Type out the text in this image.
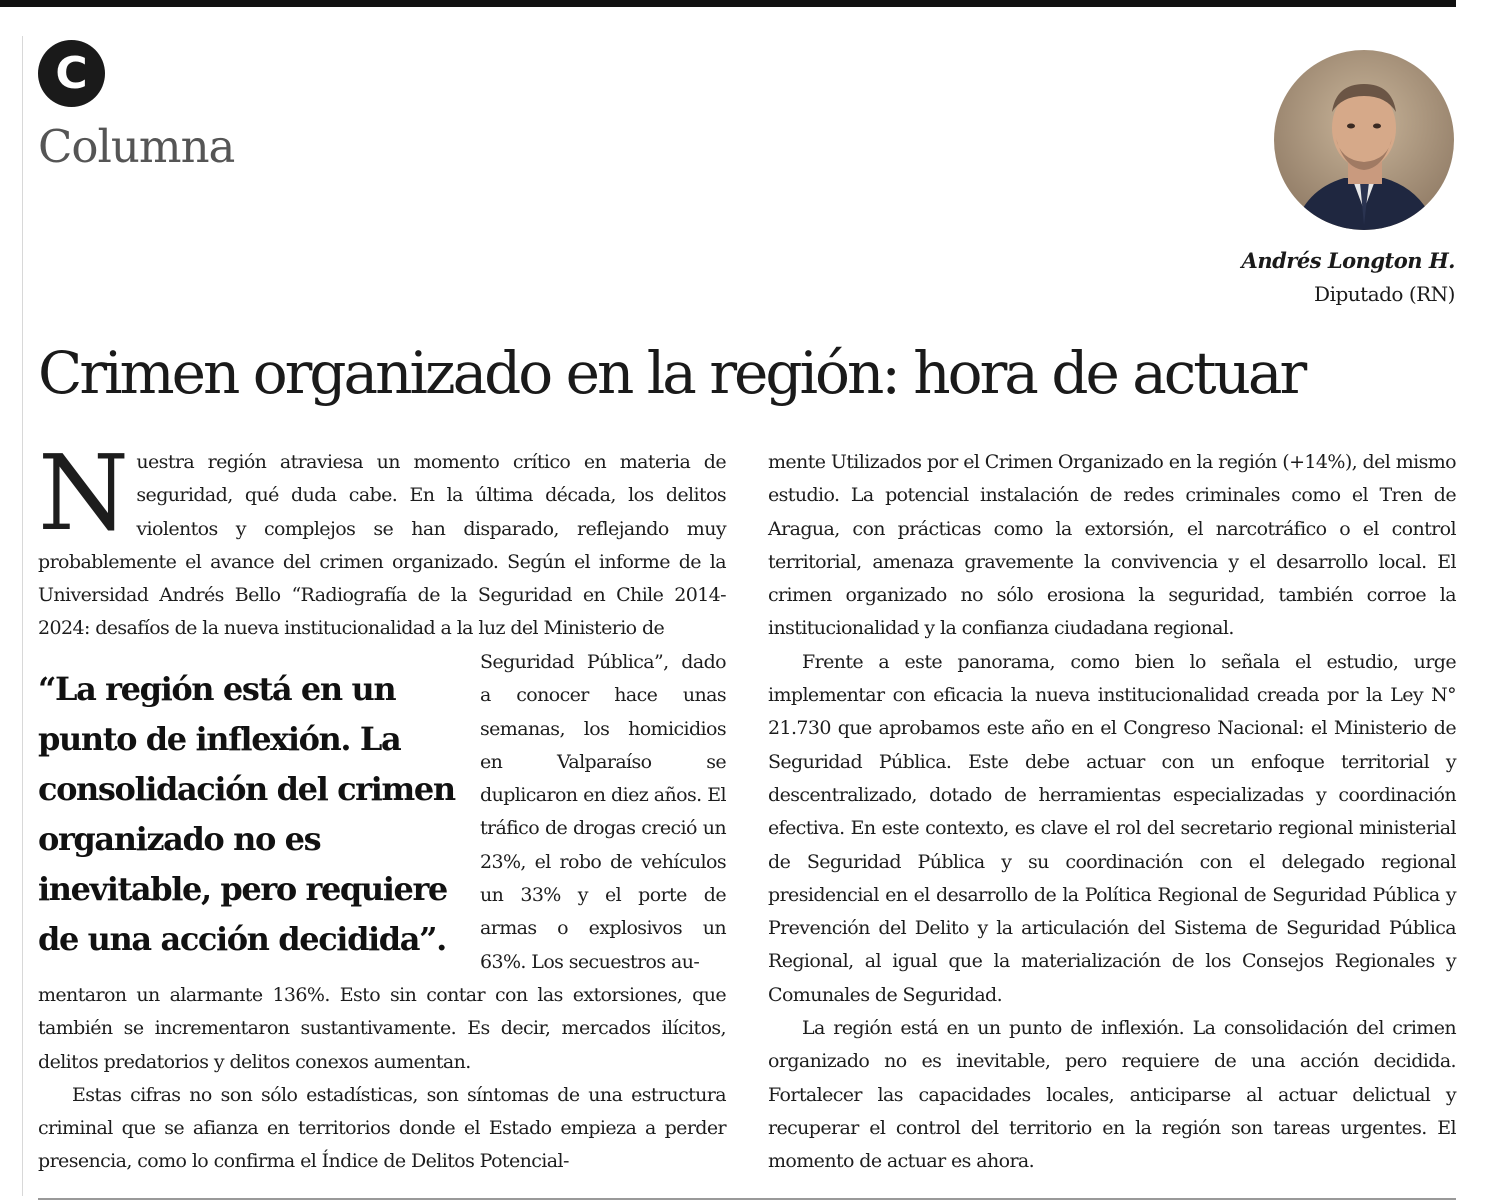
C
Columna
Andrés Longton H.
Diputado (RN)
Crimen organizado en la región: hora de actuar

Nuestra región atraviesa un momento crítico en materia de seguridad, qué duda cabe. En la última década, los delitos violentos y complejos se han disparado, reflejando muy probablemente el avance del crimen organizado. Según el informe de la Universidad Andrés Bello “Radiografía de la Seguridad en Chile 2014-2024: desafíos de la nueva institucionalidad a la luz del Ministerio de

Seguridad Pública”, dado a conocer hace unas semanas, los homicidios en Valparaíso se duplicaron en diez años. El tráfico de drogas creció un 23%, el robo de vehículos un 33% y el porte de armas o explosivos un 63%. Los secuestros au-

“La región está en un punto de inflexión. La consolidación del crimen organizado no es inevitable, pero requiere de una acción decidida”.

mentaron un alarmante 136%. Esto sin contar con las extorsiones, que también se incrementaron sustantivamente. Es decir, mercados ilícitos, delitos predatorios y delitos conexos aumentan.

Estas cifras no son sólo estadísticas, son síntomas de una estructura criminal que se afianza en territorios donde el Estado empieza a perder presencia, como lo confirma el Índice de Delitos Potencial-

mente Utilizados por el Crimen Organizado en la región (+14%), del mismo estudio. La potencial instalación de redes criminales como el Tren de Aragua, con prácticas como la extorsión, el narcotráfico o el control territorial, amenaza gravemente la convivencia y el desarrollo local. El crimen organizado no sólo erosiona la seguridad, también corroe la institucionalidad y la confianza ciudadana regional.

Frente a este panorama, como bien lo señala el estudio, urge implementar con eficacia la nueva institucionalidad creada por la Ley N° 21.730 que aprobamos este año en el Congreso Nacional: el Ministerio de Seguridad Pública. Este debe actuar con un enfoque territorial y descentralizado, dotado de herramientas especializadas y coordinación efectiva. En este contexto, es clave el rol del secretario regional ministerial de Seguridad Pública y su coordinación con el delegado regional presidencial en el desarrollo de la Política Regional de Seguridad Pública y Prevención del Delito y la articulación del Sistema de Seguridad Pública Regional, al igual que la materialización de los Consejos Regionales y Comunales de Seguridad.

La región está en un punto de inflexión. La consolidación del crimen organizado no es inevitable, pero requiere de una acción decidida. Fortalecer las capacidades locales, anticiparse al actuar delictual y recuperar el control del territorio en la región son tareas urgentes. El momento de actuar es ahora.
